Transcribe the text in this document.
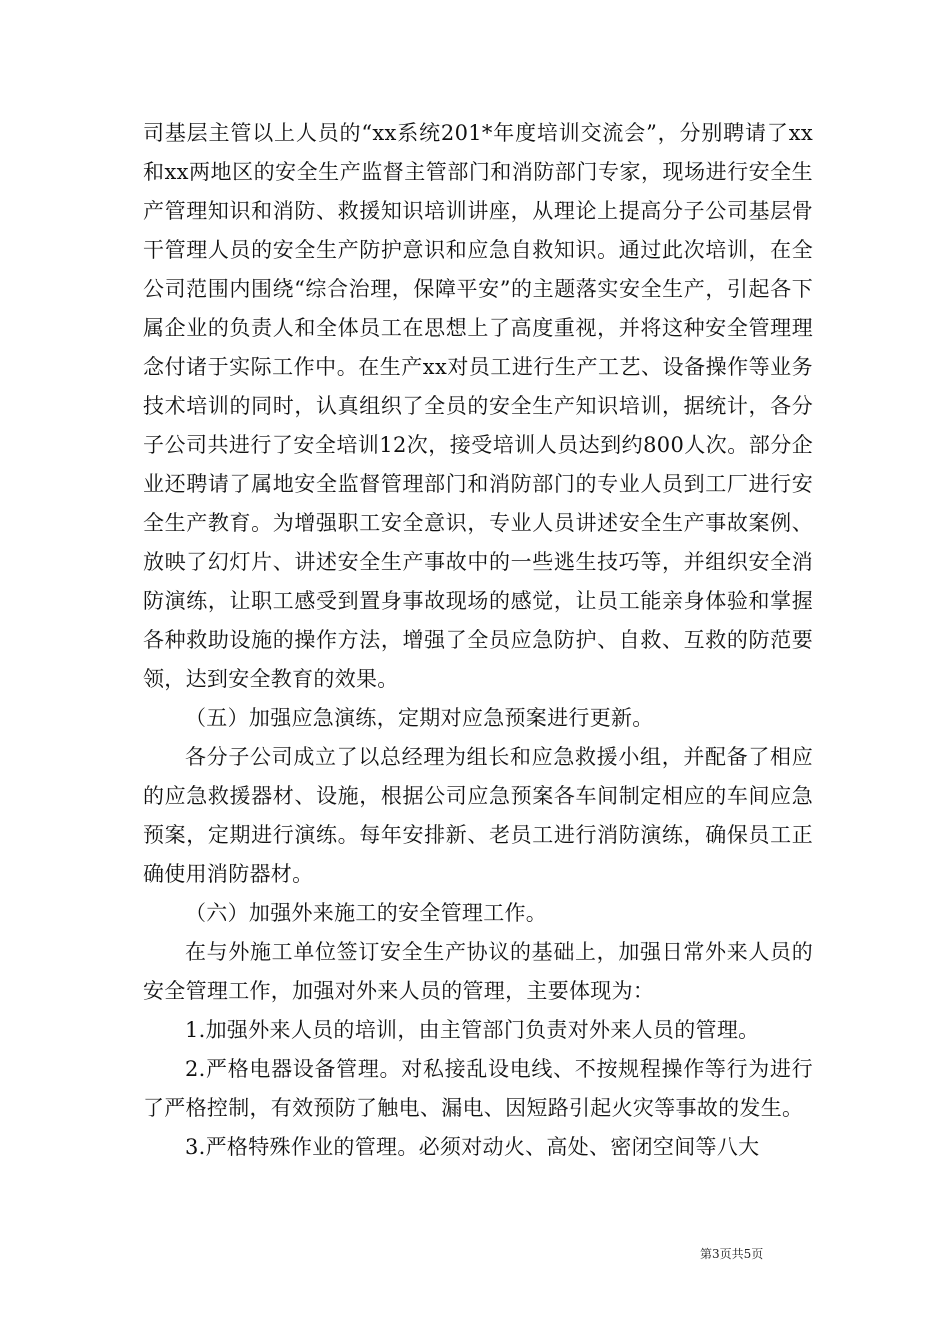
司基层主管以上人员的“xx系统201*年度培训交流会”，分别聘请了xx和xx两地区的安全生产监督主管部门和消防部门专家，现场进行安全生产管理知识和消防、救援知识培训讲座，从理论上提高分子公司基层骨干管理人员的安全生产防护意识和应急自救知识。通过此次培训，在全公司范围内围绕“综合治理，保障平安”的主题落实安全生产，引起各下属企业的负责人和全体员工在思想上了高度重视，并将这种安全管理理念付诸于实际工作中。在生产xx对员工进行生产工艺、设备操作等业务技术培训的同时，认真组织了全员的安全生产知识培训，据统计，各分子公司共进行了安全培训12次，接受培训人员达到约800人次。部分企业还聘请了属地安全监督管理部门和消防部门的专业人员到工厂进行安全生产教育。为增强职工安全意识，专业人员讲述安全生产事故案例、放映了幻灯片、讲述安全生产事故中的一些逃生技巧等，并组织安全消防演练，让职工感受到置身事故现场的感觉，让员工能亲身体验和掌握各种救助设施的操作方法，增强了全员应急防护、自救、互救的防范要领，达到安全教育的效果。

（五）加强应急演练，定期对应急预案进行更新。

各分子公司成立了以总经理为组长和应急救援小组，并配备了相应的应急救援器材、设施，根据公司应急预案各车间制定相应的车间应急预案，定期进行演练。每年安排新、老员工进行消防演练，确保员工正确使用消防器材。

（六）加强外来施工的安全管理工作。

在与外施工单位签订安全生产协议的基础上，加强日常外来人员的安全管理工作，加强对外来人员的管理，主要体现为：

1.加强外来人员的培训，由主管部门负责对外来人员的管理。

2.严格电器设备管理。对私接乱设电线、不按规程操作等行为进行了严格控制，有效预防了触电、漏电、因短路引起火灾等事故的发生。

3.严格特殊作业的管理。必须对动火、高处、密闭空间等八大

第3页共5页
